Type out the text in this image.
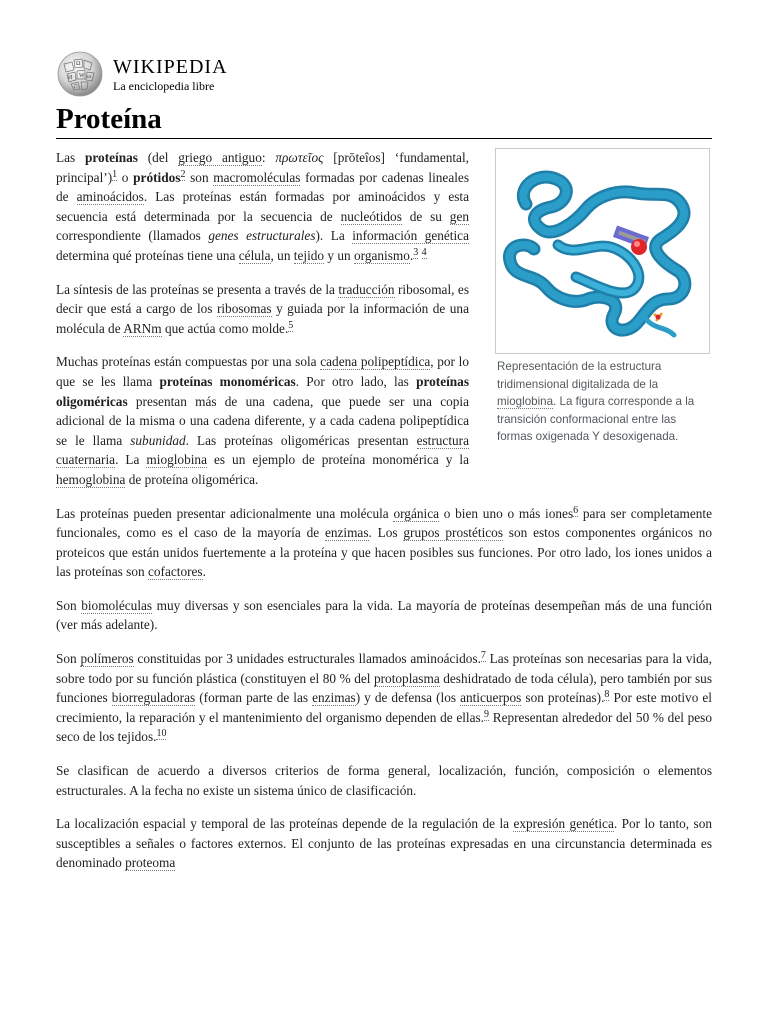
Ω
W
И ω
ת
WIKIPEDIA
La enciclopedia libre
Proteína
Representación de la estructura tridimensional digitalizada de la mioglobina. La figura corresponde a la transición conformacional entre las formas oxigenada Y desoxigenada.

Las proteínas (del griego antiguo: πρωτεῖος [prōteîos] ‘fundamental, principal’)$^1$ o prótidos$^2$ son macromoléculas formadas por cadenas lineales de aminoácidos. Las proteínas están formadas por aminoácidos y esta secuencia está determinada por la secuencia de nucleótidos de su gen correspondiente (llamados genes estructurales). La información genética determina qué proteínas tiene una célula, un tejido y un organismo.$^3$ $^4$

La síntesis de las proteínas se presenta a través de la traducción ribosomal, es decir que está a cargo de los ribosomas y guiada por la información de una molécula de ARNm que actúa como molde.$^5$

Muchas proteínas están compuestas por una sola cadena polipeptídica, por lo que se les llama proteínas monoméricas. Por otro lado, las proteínas oligoméricas presentan más de una cadena, que puede ser una copia adicional de la misma o una cadena diferente, y a cada cadena polipeptídica se le llama subunidad. Las proteínas oligoméricas presentan estructura cuaternaria. La mioglobina es un ejemplo de proteína monomérica y la hemoglobina de proteína oligomérica.

Las proteínas pueden presentar adicionalmente una molécula orgánica o bien uno o más iones$^6$ para ser completamente funcionales, como es el caso de la mayoría de enzimas. Los grupos prostéticos son estos componentes orgánicos no proteicos que están unidos fuertemente a la proteína y que hacen posibles sus funciones. Por otro lado, los iones unidos a las proteínas son cofactores.

Son biomoléculas muy diversas y son esenciales para la vida. La mayoría de proteínas desempeñan más de una función (ver más adelante).

Son polímeros constituidas por 3 unidades estructurales llamados aminoácidos.$^7$ Las proteínas son necesarias para la vida, sobre todo por su función plástica (constituyen el 80 % del protoplasma deshidratado de toda célula), pero también por sus funciones biorreguladoras (forman parte de las enzimas) y de defensa (los anticuerpos son proteínas).$^8$ Por este motivo el crecimiento, la reparación y el mantenimiento del organismo dependen de ellas.$^9$ Representan alrededor del 50 % del peso seco de los tejidos.$^{10}$

Se clasifican de acuerdo a diversos criterios de forma general, localización, función, composición o elementos estructurales. A la fecha no existe un sistema único de clasificación.

La localización espacial y temporal de las proteínas depende de la regulación de la expresión genética. Por lo tanto, son susceptibles a señales o factores externos. El conjunto de las proteínas expresadas en una circunstancia determinada es denominado proteoma
